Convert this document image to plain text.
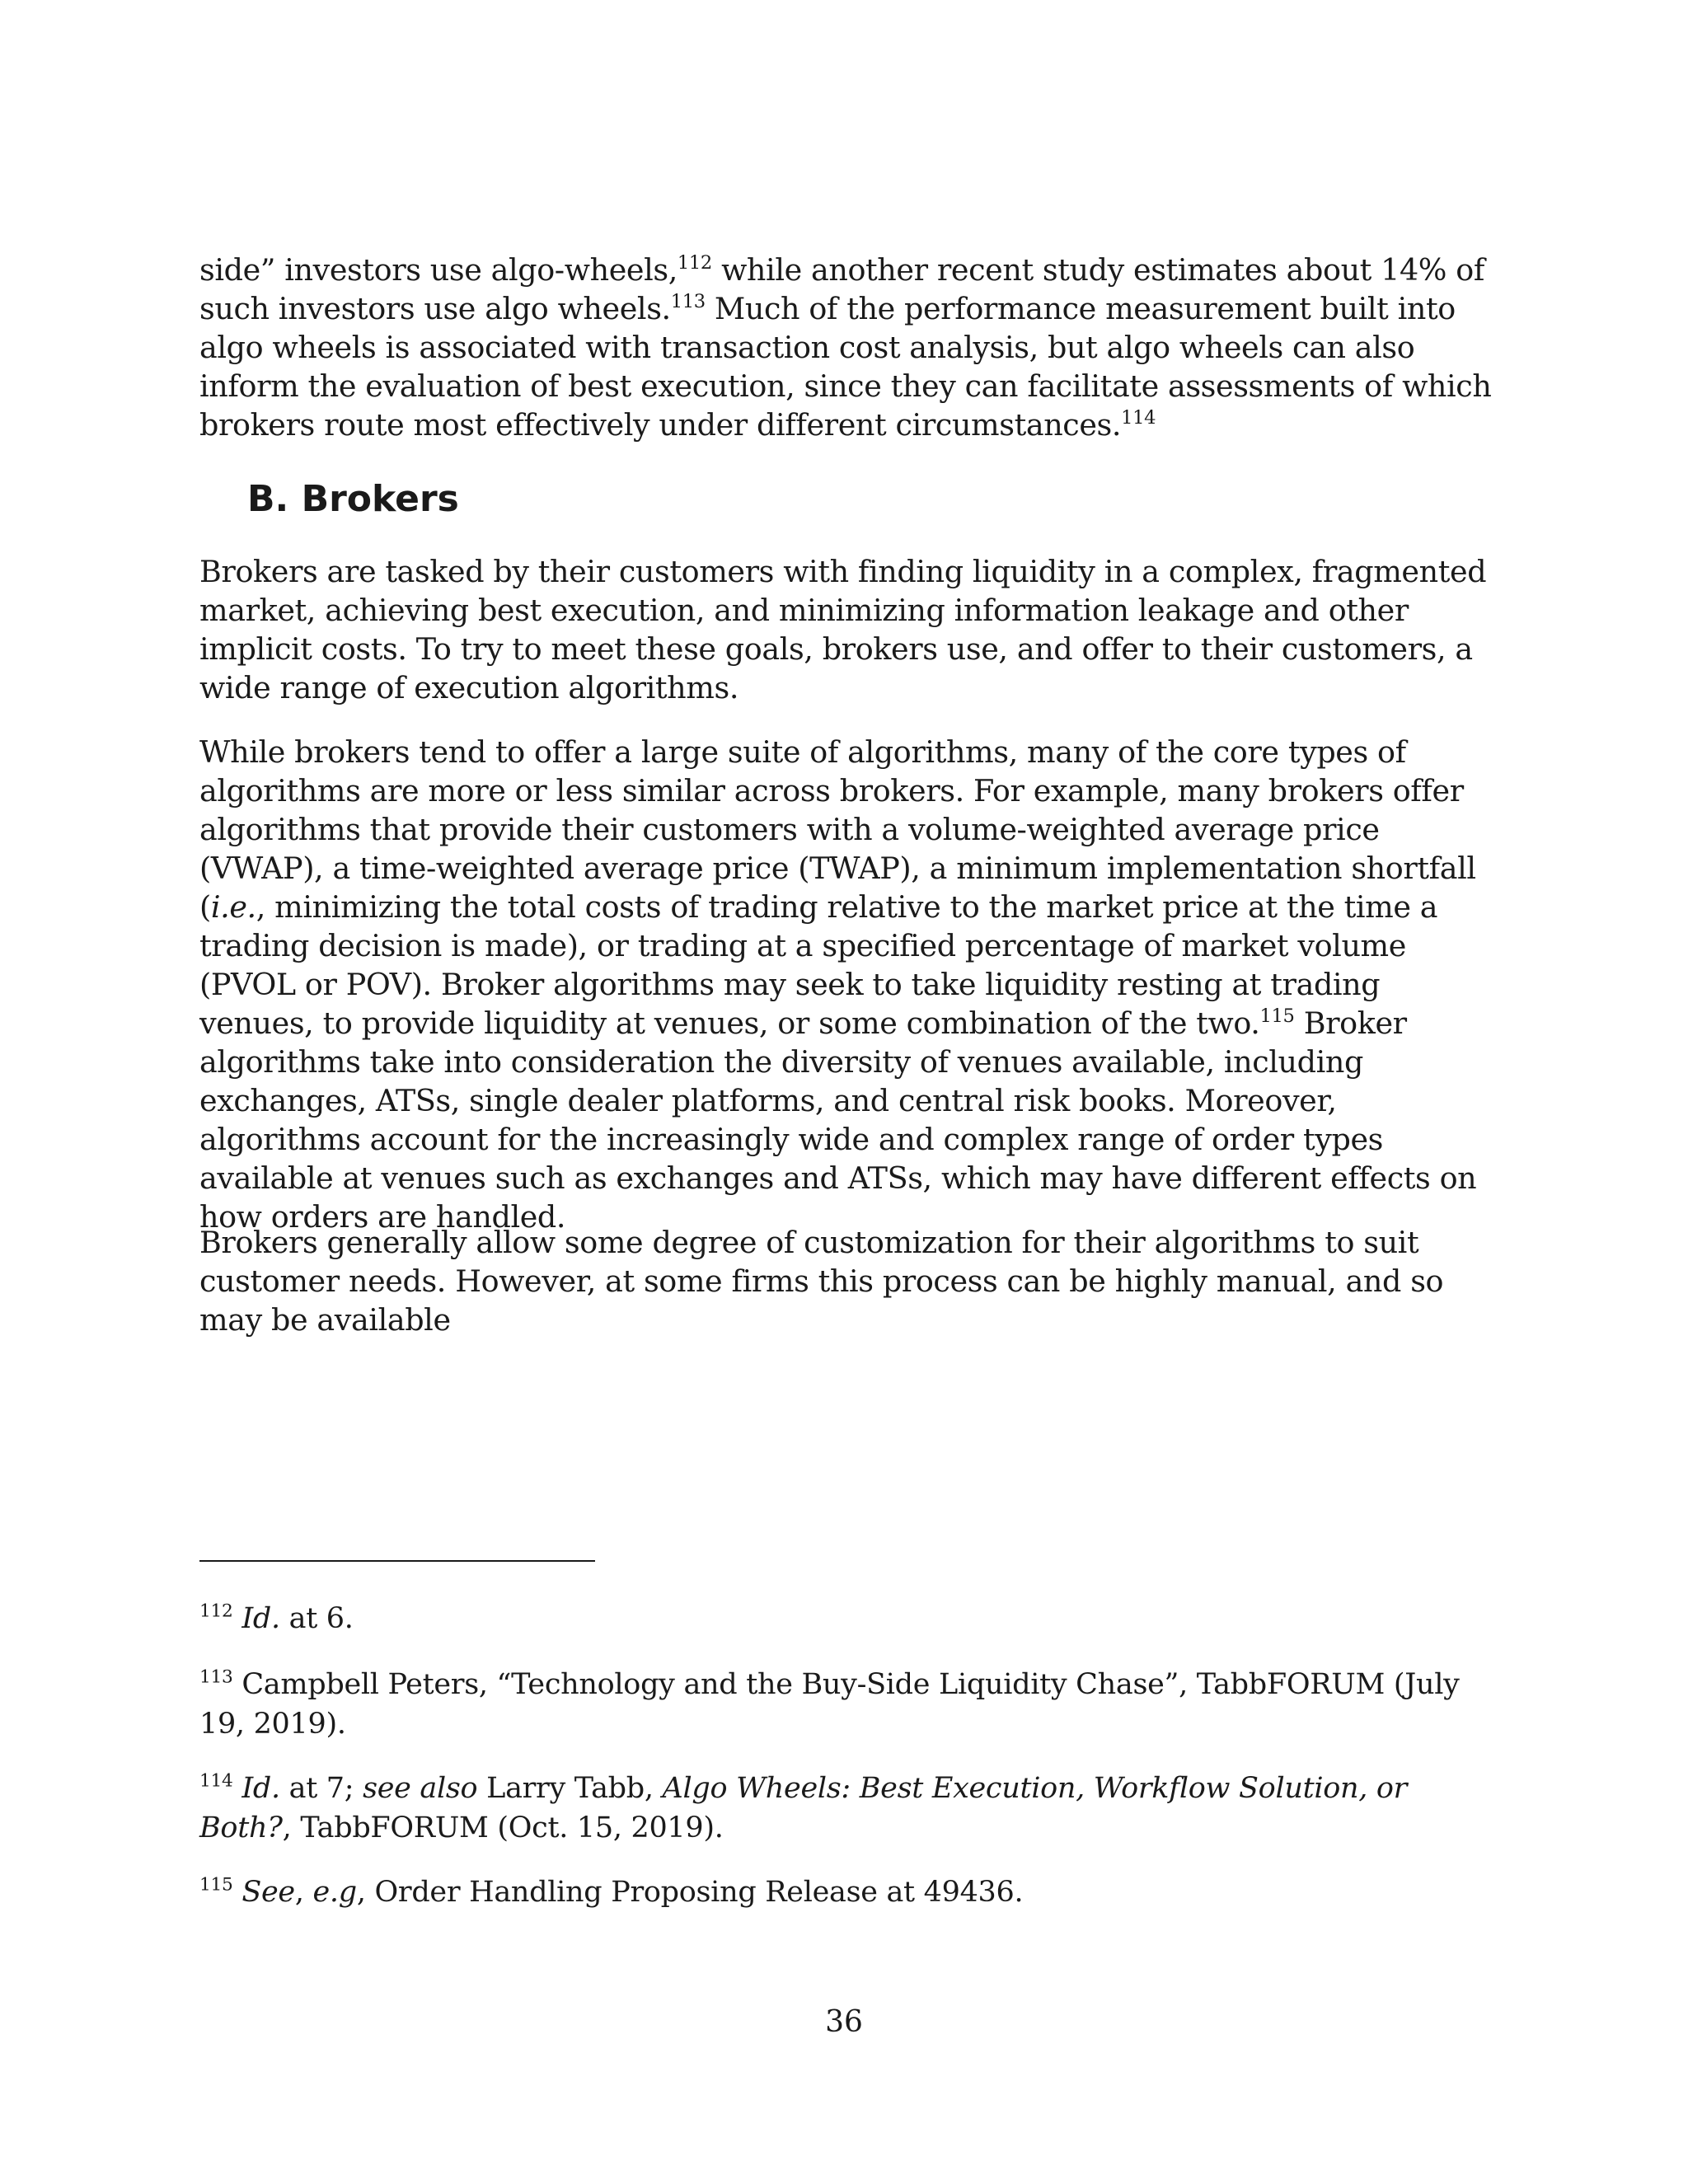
side” investors use algo-wheels,$^{112}$ while another recent study estimates about 14% of such investors use algo wheels.$^{113}$ Much of the performance measurement built into algo wheels is associated with transaction cost analysis, but algo wheels can also inform the evaluation of best execution, since they can facilitate assessments of which brokers route most effectively under different circumstances.$^{114}$

B. Brokers

Brokers are tasked by their customers with finding liquidity in a complex, fragmented market, achieving best execution, and minimizing information leakage and other implicit costs. To try to meet these goals, brokers use, and offer to their customers, a wide range of execution algorithms.

While brokers tend to offer a large suite of algorithms, many of the core types of algorithms are more or less similar across brokers. For example, many brokers offer algorithms that provide their customers with a volume-weighted average price (VWAP), a time-weighted average price (TWAP), a minimum implementation shortfall (i.e., minimizing the total costs of trading relative to the market price at the time a trading decision is made), or trading at a specified percentage of market volume (PVOL or POV). Broker algorithms may seek to take liquidity resting at trading venues, to provide liquidity at venues, or some combination of the two.$^{115}$ Broker algorithms take into consideration the diversity of venues available, including exchanges, ATSs, single dealer platforms, and central risk books. Moreover, algorithms account for the increasingly wide and complex range of order types available at venues such as exchanges and ATSs, which may have different effects on how orders are handled.

Brokers generally allow some degree of customization for their algorithms to suit customer needs. However, at some firms this process can be highly manual, and so may be available

$^{112}$ Id. at 6.

$^{113}$ Campbell Peters, “Technology and the Buy-Side Liquidity Chase”, TabbFORUM (July 19, 2019).

$^{114}$ Id. at 7; see also Larry Tabb, Algo Wheels: Best Execution, Workflow Solution, or Both?, TabbFORUM (Oct. 15, 2019).

$^{115}$ See, e.g, Order Handling Proposing Release at 49436.

36
